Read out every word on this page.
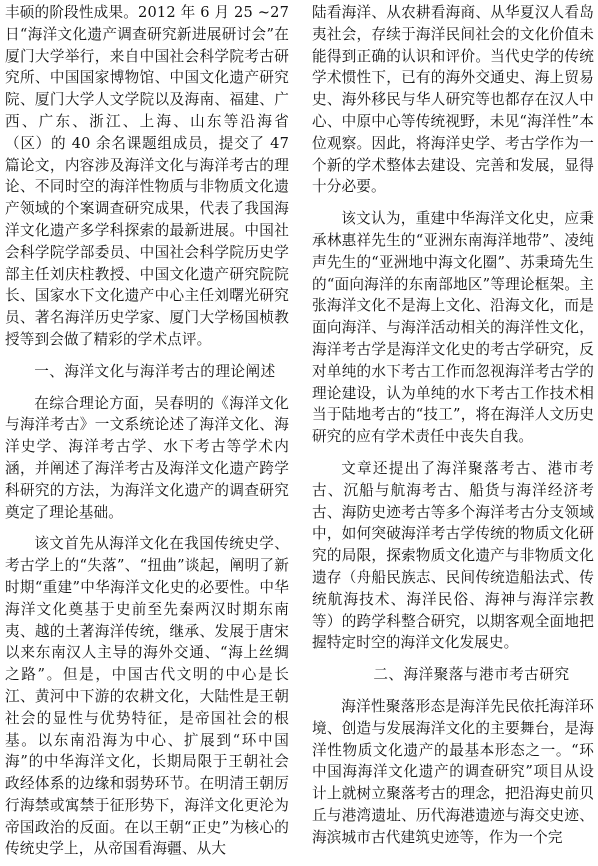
丰硕的阶段性成果。2012 年 6 月 25 ~27 日“海洋文化遗产调查研究新进展研讨会”在厦门大学举行，来自中国社会科学院考古研究所、中国国家博物馆、中国文化遗产研究院、厦门大学人文学院以及海南、福建、广西、广东、浙江、上海、山东等沿海省（区）的 40 余名课题组成员，提交了 47 篇论文，内容涉及海洋文化与海洋考古的理论、不同时空的海洋性物质与非物质文化遗产领域的个案调查研究成果，代表了我国海洋文化遗产多学科探索的最新进展。中国社会科学院学部委员、中国社会科学院历史学部主任刘庆柱教授、中国文化遗产研究院院长、国家水下文化遗产中心主任刘曙光研究员、著名海洋历史学家、厦门大学杨国桢教授等到会做了精彩的学术点评。

一、海洋文化与海洋考古的理论阐述

在综合理论方面，吴春明的《海洋文化与海洋考古》一文系统论述了海洋文化、海洋史学、海洋考古学、水下考古等学术内涵，并阐述了海洋考古及海洋文化遗产跨学科研究的方法，为海洋文化遗产的调查研究奠定了理论基础。

该文首先从海洋文化在我国传统史学、考古学上的“失落”、“扭曲”谈起，阐明了新时期“重建”中华海洋文化史的必要性。中华海洋文化奠基于史前至先秦两汉时期东南夷、越的土著海洋传统，继承、发展于唐宋以来东南汉人主导的海外交通、“海上丝绸之路”。但是，中国古代文明的中心是长江、黄河中下游的农耕文化，大陆性是王朝社会的显性与优势特征，是帝国社会的根基。以东南沿海为中心、扩展到“环中国海”的中华海洋文化，长期局限于王朝社会政经体系的边缘和弱势环节。在明清王朝厉行海禁或寓禁于征形势下，海洋文化更沦为帝国政治的反面。在以王朝“正史”为核心的传统史学上，从帝国看海疆、从大

陆看海洋、从农耕看海商、从华夏汉人看岛夷社会，存续于海洋民间社会的文化价值未能得到正确的认识和评价。当代史学的传统学术惯性下，已有的海外交通史、海上贸易史、海外移民与华人研究等也都存在汉人中心、中原中心等传统视野，未见“海洋性”本位观察。因此，将海洋史学、考古学作为一个新的学术整体去建设、完善和发展，显得十分必要。

该文认为，重建中华海洋文化史，应秉承林惠祥先生的“亚洲东南海洋地带”、凌纯声先生的“亚洲地中海文化圈”、苏秉琦先生的“面向海洋的东南部地区”等理论框架。主张海洋文化不是海上文化、沿海文化，而是面向海洋、与海洋活动相关的海洋性文化，海洋考古学是海洋文化史的考古学研究，反对单纯的水下考古工作而忽视海洋考古学的理论建设，认为单纯的水下考古工作技术相当于陆地考古的“技工”，将在海洋人文历史研究的应有学术责任中丧失自我。

文章还提出了海洋聚落考古、港市考古、沉船与航海考古、船货与海洋经济考古、海防史迹考古等多个海洋考古分支领域中，如何突破海洋考古学传统的物质文化研究的局限，探索物质文化遗产与非物质文化遗存（舟船民族志、民间传统造船法式、传统航海技术、海洋民俗、海神与海洋宗教等）的跨学科整合研究，以期客观全面地把握特定时空的海洋文化发展史。

二、海洋聚落与港市考古研究

海洋性聚落形态是海洋先民依托海洋环境、创造与发展海洋文化的主要舞台，是海洋性物质文化遗产的最基本形态之一。“环中国海海洋文化遗产的调查研究”项目从设计上就树立聚落考古的理念，把沿海史前贝丘与港湾遗址、历代海港遗迹与海交史迹、海滨城市古代建筑史迹等，作为一个完
